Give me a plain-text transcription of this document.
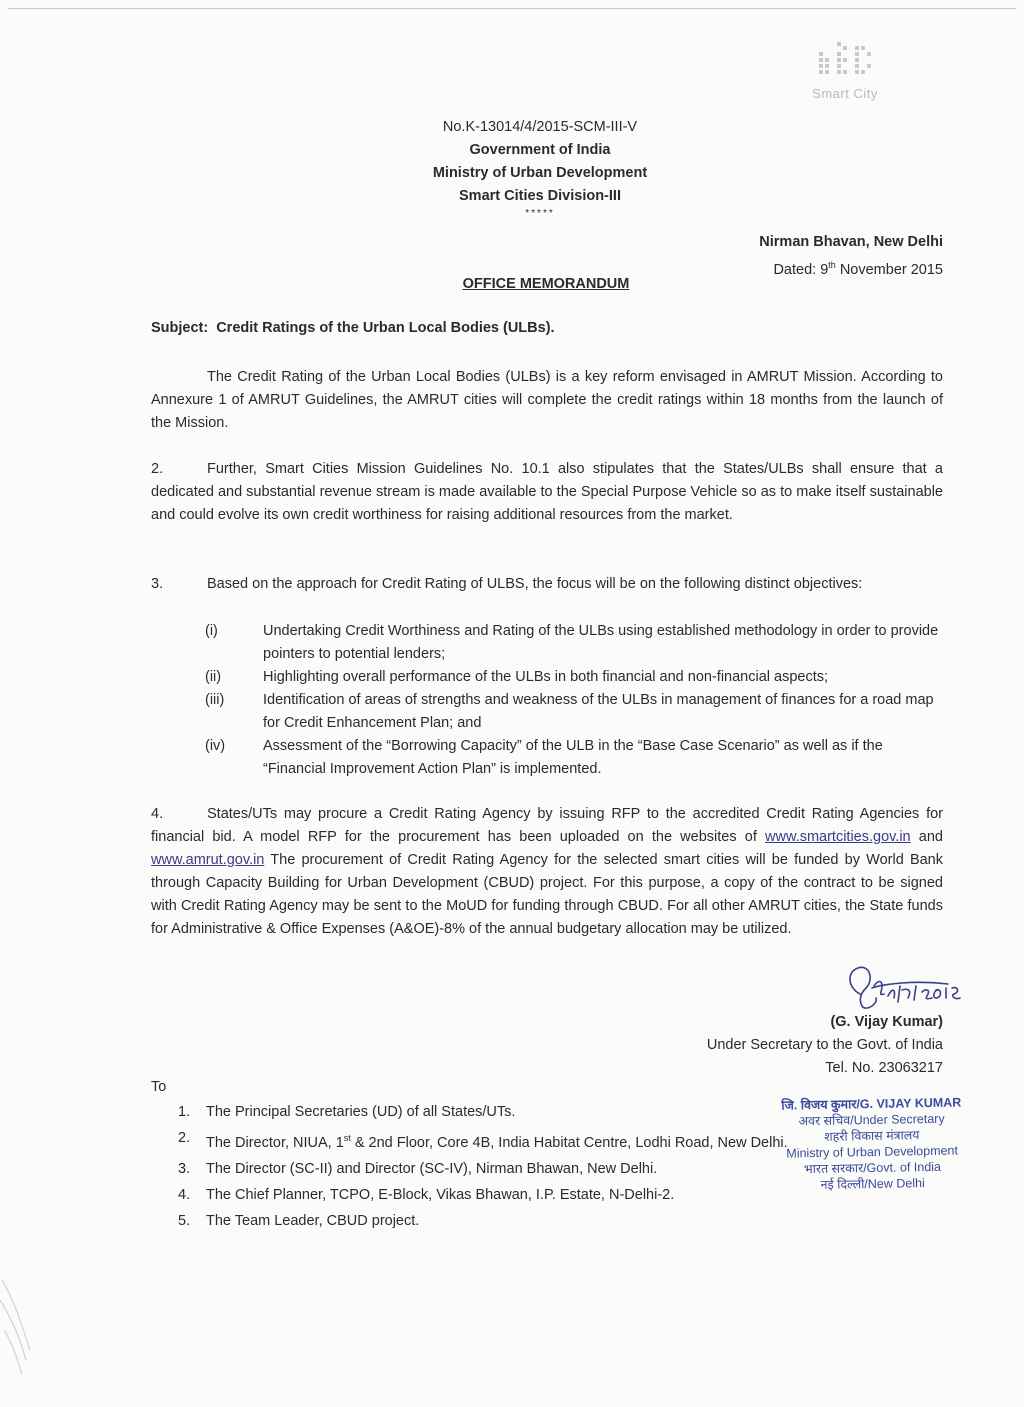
Smart City
No.K-13014/4/2015-SCM-III-V
Government of India
Ministry of Urban Development
Smart Cities Division-III
*****
Nirman Bhavan, New Delhi
Dated: 9th November 2015
OFFICE MEMORANDUM
Subject: Credit Ratings of the Urban Local Bodies (ULBs).
The Credit Rating of the Urban Local Bodies (ULBs) is a key reform envisaged in AMRUT Mission. According to Annexure 1 of AMRUT Guidelines, the AMRUT cities will complete the credit ratings within 18 months from the launch of the Mission.
2.	Further, Smart Cities Mission Guidelines No. 10.1 also stipulates that the States/ULBs shall ensure that a dedicated and substantial revenue stream is made available to the Special Purpose Vehicle so as to make itself sustainable and could evolve its own credit worthiness for raising additional resources from the market.
3.	Based on the approach for Credit Rating of ULBS, the focus will be on the following distinct objectives:
(i)	Undertaking Credit Worthiness and Rating of the ULBs using established methodology in order to provide pointers to potential lenders;
(ii)	Highlighting overall performance of the ULBs in both financial and non-financial aspects;
(iii)	Identification of areas of strengths and weakness of the ULBs in management of finances for a road map for Credit Enhancement Plan; and
(iv)	Assessment of the “Borrowing Capacity” of the ULB in the “Base Case Scenario” as well as if the “Financial Improvement Action Plan” is implemented.
4.	States/UTs may procure a Credit Rating Agency by issuing RFP to the accredited Credit Rating Agencies for financial bid. A model RFP for the procurement has been uploaded on the websites of www.smartcities.gov.in and www.amrut.gov.in The procurement of Credit Rating Agency for the selected smart cities will be funded by World Bank through Capacity Building for Urban Development (CBUD) project. For this purpose, a copy of the contract to be signed with Credit Rating Agency may be sent to the MoUD for funding through CBUD. For all other AMRUT cities, the State funds for Administrative & Office Expenses (A&OE)-8% of the annual budgetary allocation may be utilized.
(G. Vijay Kumar)
Under Secretary to the Govt. of India
Tel. No. 23063217
To
1.	The Principal Secretaries (UD) of all States/UTs.
2.	The Director, NIUA, 1st & 2nd Floor, Core 4B, India Habitat Centre, Lodhi Road, New Delhi.
3.	The Director (SC-II) and Director (SC-IV), Nirman Bhawan, New Delhi.
4.	The Chief Planner, TCPO, E-Block, Vikas Bhawan, I.P. Estate, N-Delhi-2.
5.	The Team Leader, CBUD project.
जि. विजय कुमार/G. VIJAY KUMAR
अवर सचिव/Under Secretary
शहरी विकास मंत्रालय
Ministry of Urban Development
भारत सरकार/Govt. of India
नई दिल्ली/New Delhi
